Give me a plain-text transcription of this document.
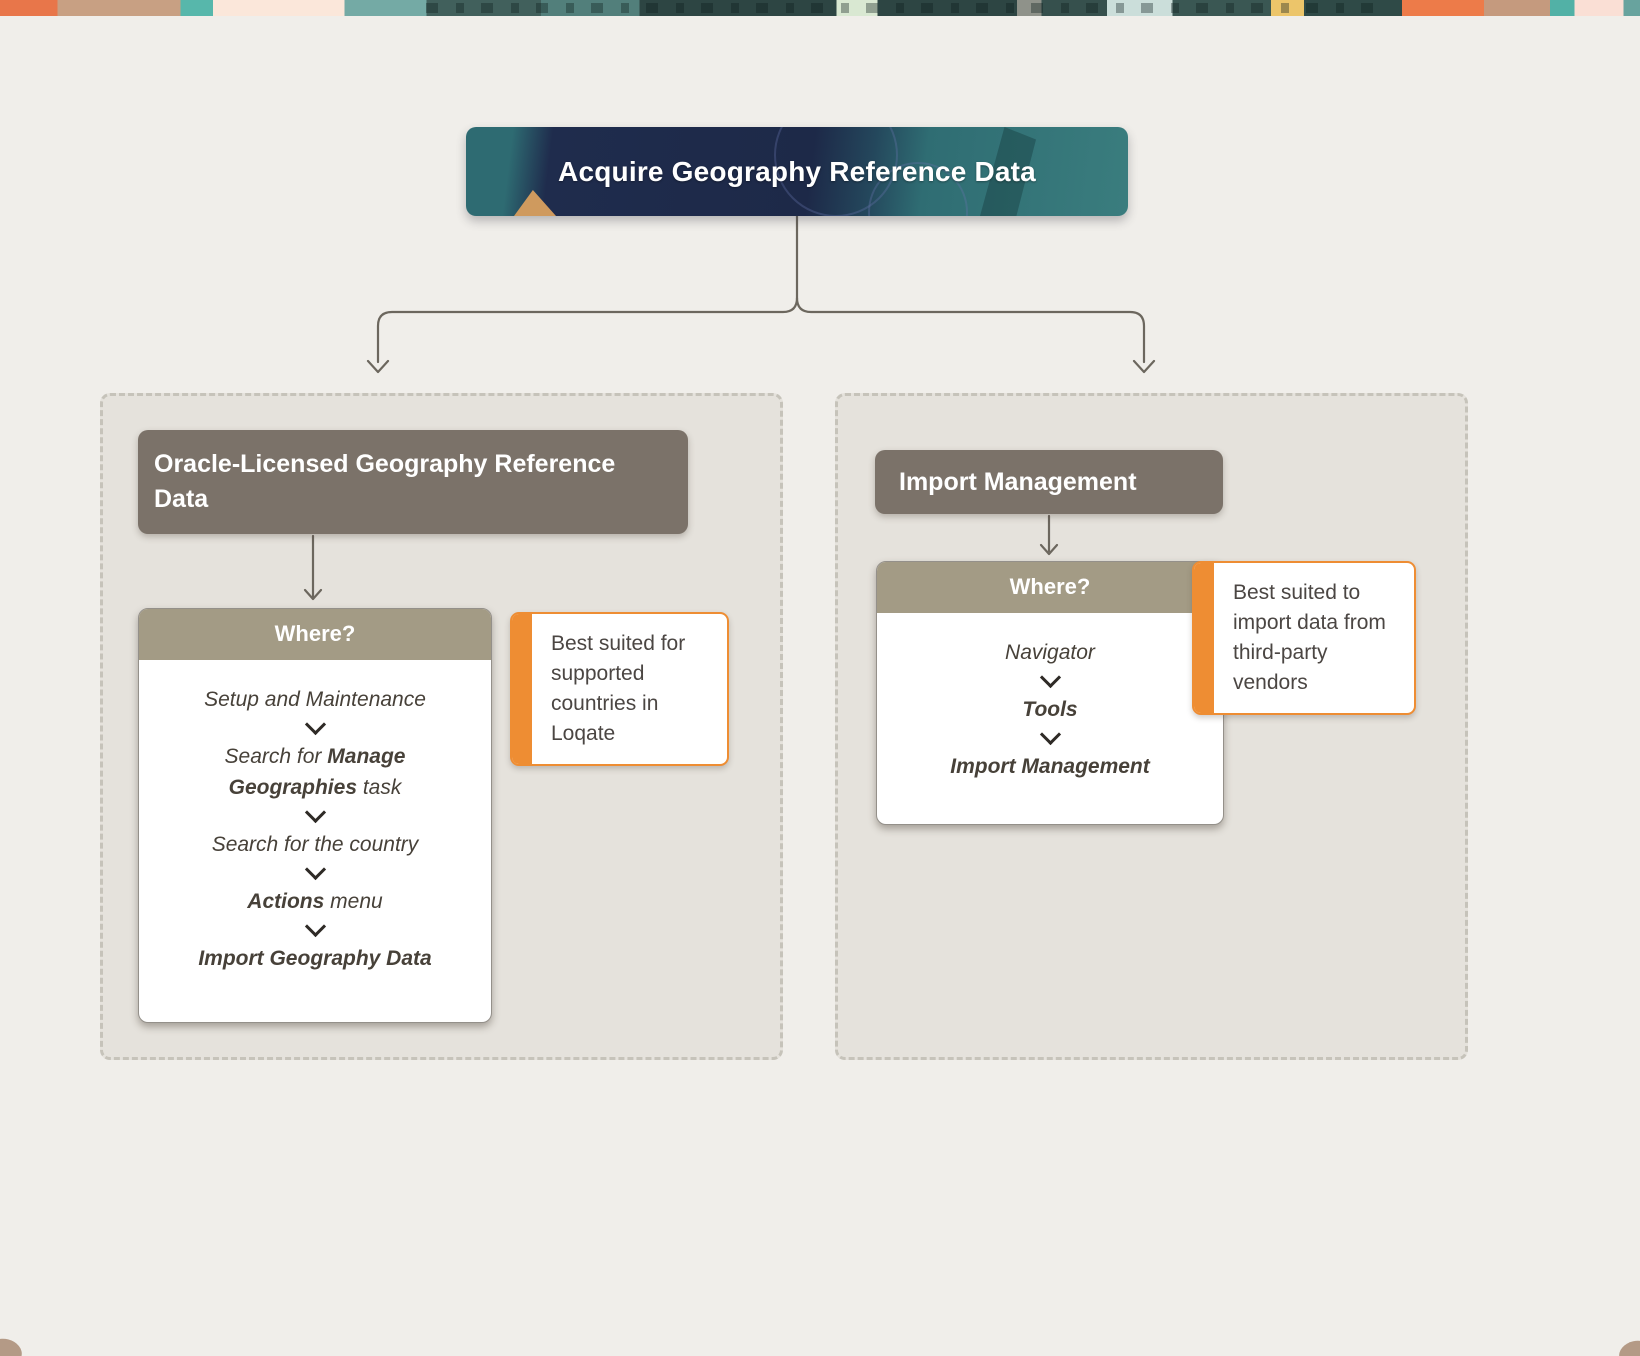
Acquire Geography Reference Data
Oracle-Licensed Geography Reference Data
Import Management
Where?
Setup and Maintenance
Search for Manage Geographies task
Search for the country
Actions menu
Import Geography Data
Where?
Navigator
Tools
Import Management
Best suited for supported countries in Loqate
Best suited to import data from third-party vendors
